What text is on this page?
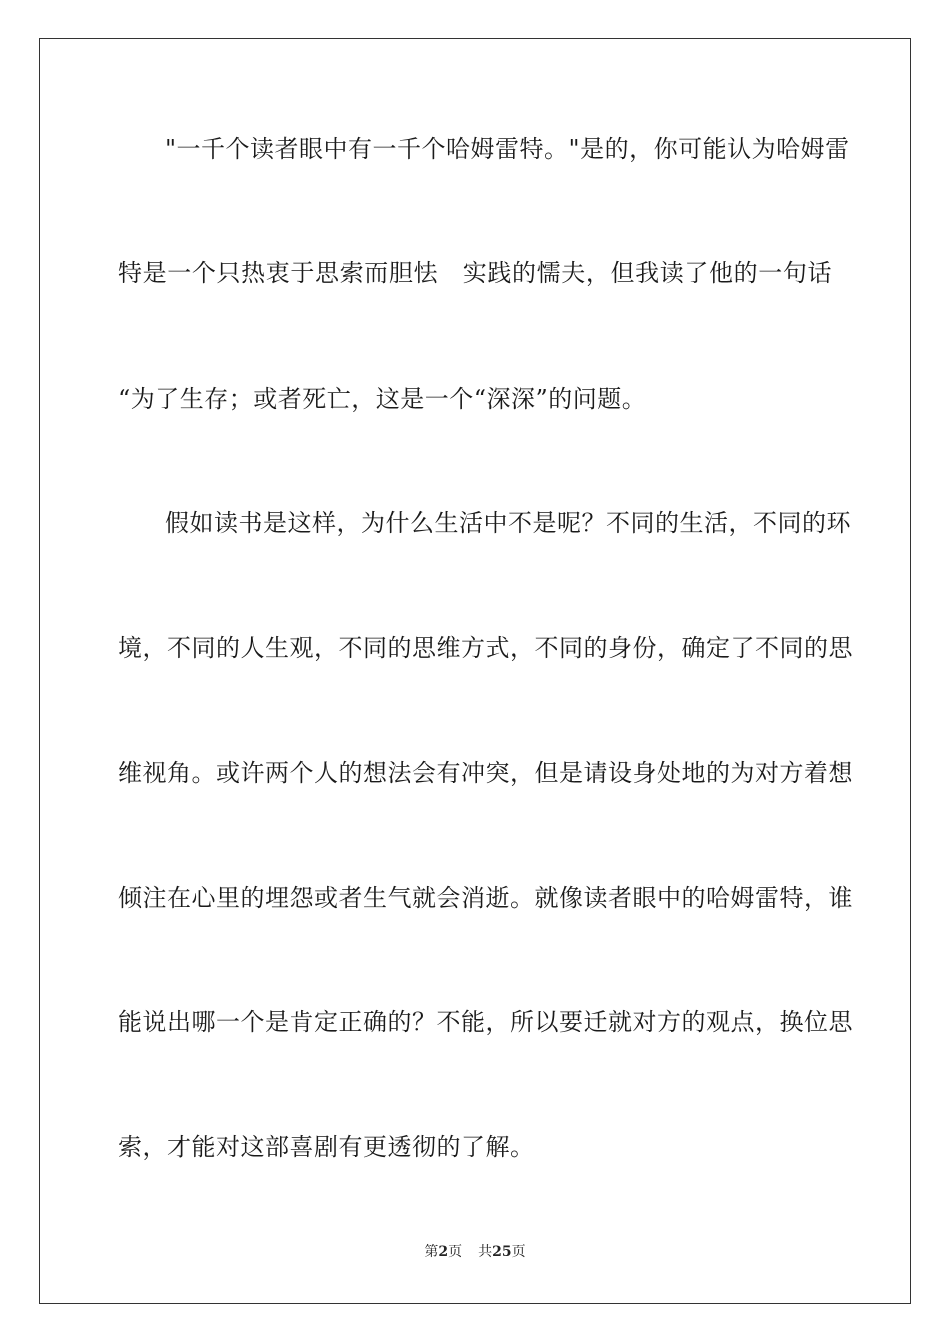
"一千个读者眼中有一千个哈姆雷特。"是的，你可能认为哈姆雷
特是一个只热衷于思索而胆怯　实践的懦夫，但我读了他的一句话
“为了生存；或者死亡，这是一个“深深”的问题。
假如读书是这样，为什么生活中不是呢？不同的生活，不同的环
境，不同的人生观，不同的思维方式，不同的身份，确定了不同的思
维视角。或许两个人的想法会有冲突，但是请设身处地的为对方着想
倾注在心里的埋怨或者生气就会消逝。就像读者眼中的哈姆雷特，谁
能说出哪一个是肯定正确的？不能，所以要迁就对方的观点，换位思
索，才能对这部喜剧有更透彻的了解。
第2页 共25页
